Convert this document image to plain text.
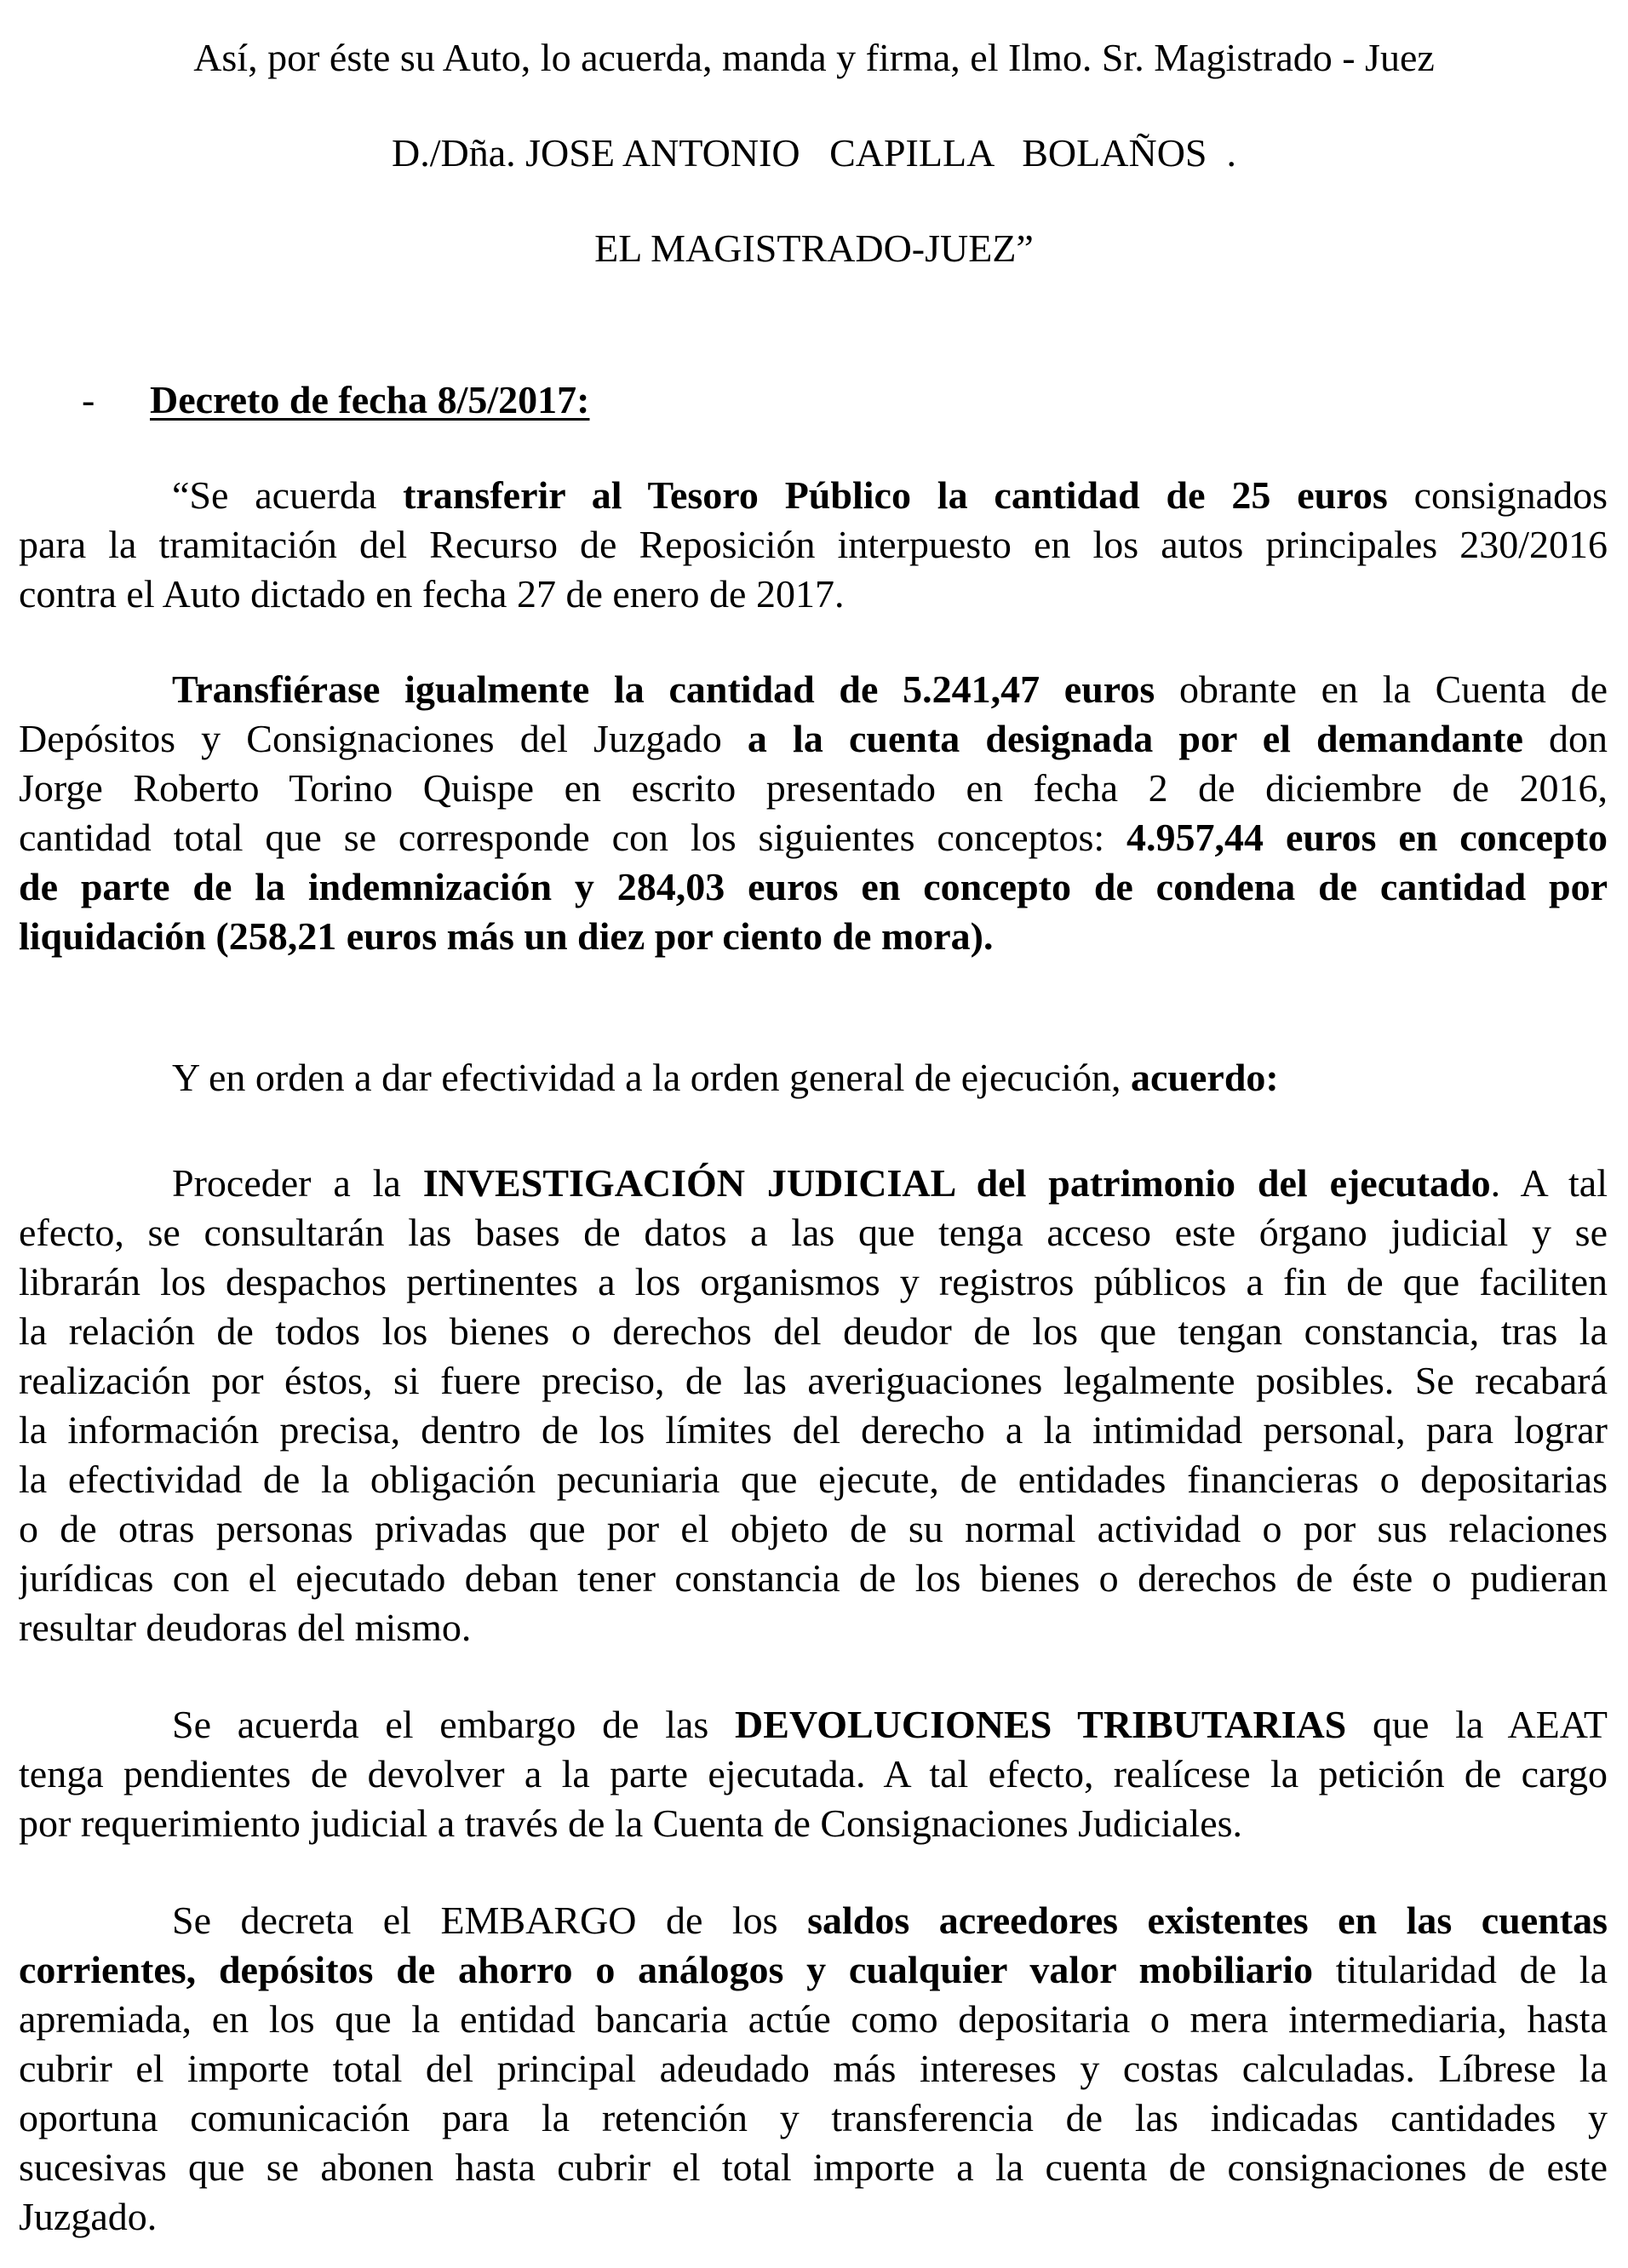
Así, por éste su Auto, lo acuerda, manda y firma, el Ilmo. Sr. Magistrado - Juez

D./Dña. JOSE ANTONIO   CAPILLA   BOLAÑOS  .

EL MAGISTRADO-JUEZ”

- Decreto de fecha 8/5/2017:

“Se acuerda transferir al Tesoro Público la cantidad de 25 euros consignados

para la tramitación del Recurso de Reposición interpuesto en los autos principales 230/2016

contra el Auto dictado en fecha 27 de enero de 2017.

Transfiérase igualmente la cantidad de 5.241,47 euros obrante en la Cuenta de

Depósitos y Consignaciones del Juzgado a la cuenta designada por el demandante don

Jorge Roberto Torino Quispe en escrito presentado en fecha 2 de diciembre de 2016,

cantidad total que se corresponde con los siguientes conceptos: 4.957,44 euros en concepto

de parte de la indemnización y 284,03 euros en concepto de condena de cantidad por

liquidación (258,21 euros más un diez por ciento de mora).

Y en orden a dar efectividad a la orden general de ejecución, acuerdo:

Proceder a la INVESTIGACIÓN JUDICIAL del patrimonio del ejecutado. A tal

efecto, se consultarán las bases de datos a las que tenga acceso este órgano judicial y se

librarán los despachos pertinentes a los organismos y registros públicos a fin de que faciliten

la relación de todos los bienes o derechos del deudor de los que tengan constancia, tras la

realización por éstos, si fuere preciso, de las averiguaciones legalmente posibles. Se recabará

la información precisa, dentro de los límites del derecho a la intimidad personal, para lograr

la efectividad de la obligación pecuniaria que ejecute, de entidades financieras o depositarias

o de otras personas privadas que por el objeto de su normal actividad o por sus relaciones

jurídicas con el ejecutado deban tener constancia de los bienes o derechos de éste o pudieran

resultar deudoras del mismo.

Se acuerda el embargo de las DEVOLUCIONES TRIBUTARIAS que la AEAT

tenga pendientes de devolver a la parte ejecutada. A tal efecto, realícese la petición de cargo

por requerimiento judicial a través de la Cuenta de Consignaciones Judiciales.

Se decreta el EMBARGO de los saldos acreedores existentes en las cuentas

corrientes, depósitos de ahorro o análogos y cualquier valor mobiliario titularidad de la

apremiada, en los que la entidad bancaria actúe como depositaria o mera intermediaria, hasta

cubrir el importe total del principal adeudado más intereses y costas calculadas. Líbrese la

oportuna comunicación para la retención y transferencia de las indicadas cantidades y

sucesivas que se abonen hasta cubrir el total importe a la cuenta de consignaciones de este

Juzgado.
